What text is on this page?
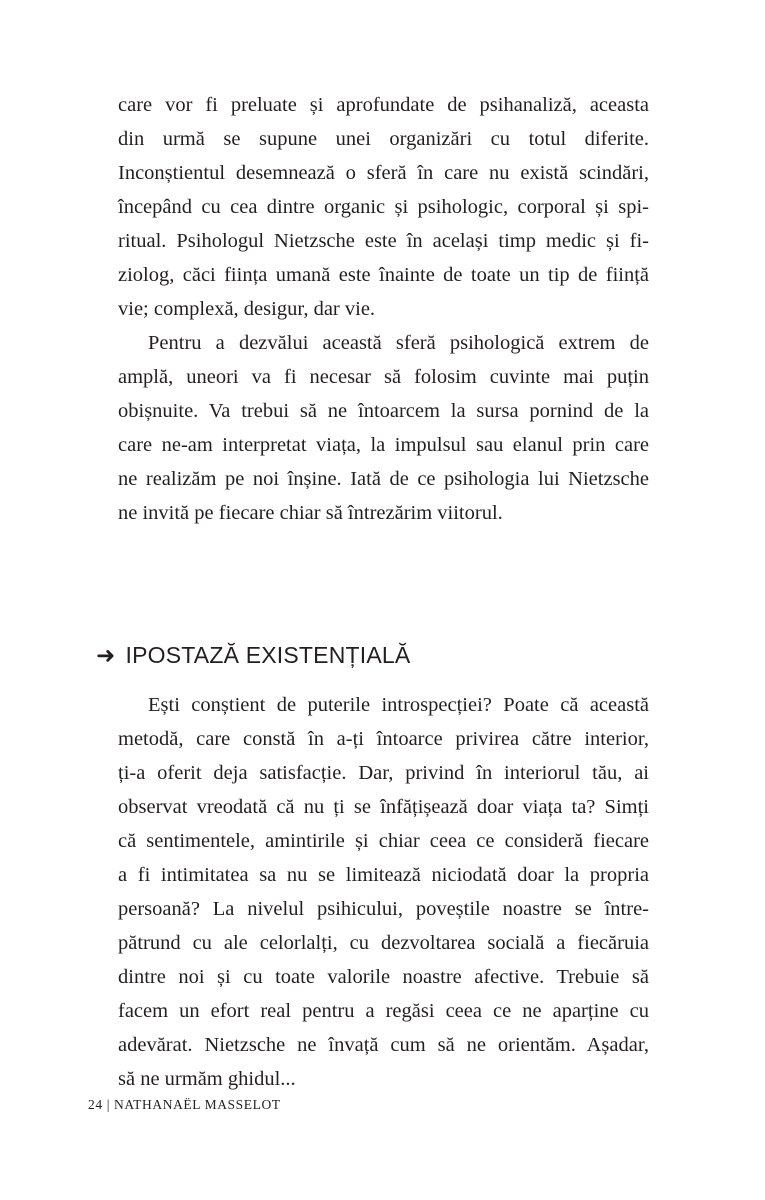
care vor fi preluate și aprofundate de psihanaliză, aceasta
din urmă se supune unei organizări cu totul diferite.
Inconștientul desemnează o sferă în care nu există scindări,
începând cu cea dintre organic și psihologic, corporal și spi-
ritual. Psihologul Nietzsche este în același timp medic și fi-
ziolog, căci ființa umană este înainte de toate un tip de ființă
vie; complexă, desigur, dar vie.
Pentru a dezvălui această sferă psihologică extrem de
amplă, uneori va fi necesar să folosim cuvinte mai puțin
obișnuite. Va trebui să ne întoarcem la sursa pornind de la
care ne-am interpretat viața, la impulsul sau elanul prin care
ne realizăm pe noi înșine. Iată de ce psihologia lui Nietzsche
ne invită pe fiecare chiar să întrezărim viitorul.
➜ IPOSTAZĂ EXISTENȚIALĂ
Ești conștient de puterile introspecției? Poate că această
metodă, care constă în a-ți întoarce privirea către interior,
ți-a oferit deja satisfacție. Dar, privind în interiorul tău, ai
observat vreodată că nu ți se înfățișează doar viața ta? Simți
că sentimentele, amintirile și chiar ceea ce consideră fiecare
a fi intimitatea sa nu se limitează niciodată doar la propria
persoană? La nivelul psihicului, poveștile noastre se între-
pătrund cu ale celorlalți, cu dezvoltarea socială a fiecăruia
dintre noi și cu toate valorile noastre afective. Trebuie să
facem un efort real pentru a regăsi ceea ce ne aparține cu
adevărat. Nietzsche ne învață cum să ne orientăm. Așadar,
să ne urmăm ghidul...
24 | NATHANAËL MASSELOT
